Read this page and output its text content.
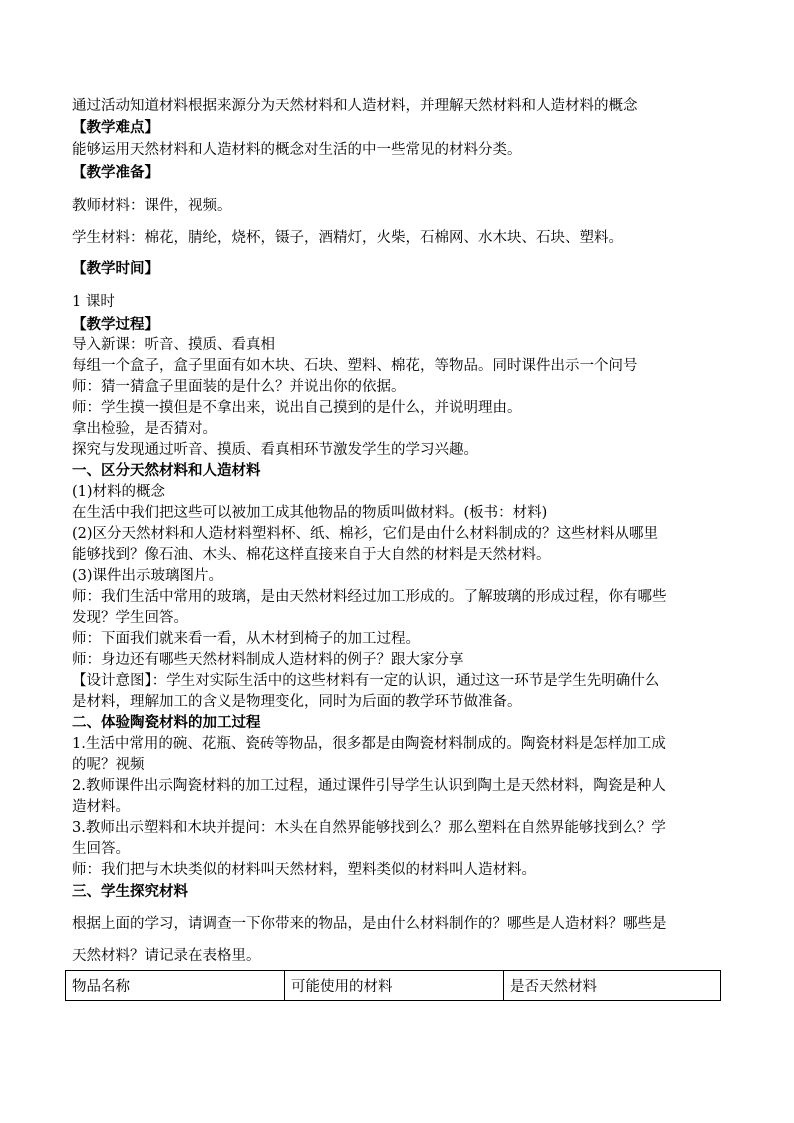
通过活动知道材料根据来源分为天然材料和人造材料，并理解天然材料和人造材料的概念
【教学难点】
能够运用天然材料和人造材料的概念对生活的中一些常见的材料分类。
【教学准备】
教师材料：课件，视频。
学生材料：棉花，腈纶，烧杯，镊子，酒精灯，火柴，石棉网、水木块、石块、塑料。
【教学时间】
1 课时
【教学过程】
导入新课：听音、摸质、看真相
每组一个盒子，盒子里面有如木块、石块、塑料、棉花，等物品。同时课件出示一个问号
师：猜一猜盒子里面装的是什么？并说出你的依据。
师：学生摸一摸但是不拿出来，说出自己摸到的是什么，并说明理由。
拿出检验，是否猜对。
探究与发现通过听音、摸质、看真相环节激发学生的学习兴趣。
一、区分天然材料和人造材料
(1)材料的概念
在生活中我们把这些可以被加工成其他物品的物质叫做材料。(板书：材料)
(2)区分天然材料和人造材料塑料杯、纸、棉衫，它们是由什么材料制成的？这些材料从哪里
能够找到？像石油、木头、棉花这样直接来自于大自然的材料是天然材料。
(3)课件出示玻璃图片。
师：我们生活中常用的玻璃，是由天然材料经过加工形成的。了解玻璃的形成过程，你有哪些
发现？学生回答。
师：下面我们就来看一看，从木材到椅子的加工过程。
师：身边还有哪些天然材料制成人造材料的例子？跟大家分享
【设计意图】：学生对实际生活中的这些材料有一定的认识，通过这一环节是学生先明确什么
是材料，理解加工的含义是物理变化，同时为后面的教学环节做准备。
二、体验陶瓷材料的加工过程
1.生活中常用的碗、花瓶、瓷砖等物品，很多都是由陶瓷材料制成的。陶瓷材料是怎样加工成
的呢？视频
2.教师课件出示陶瓷材料的加工过程，通过课件引导学生认识到陶土是天然材料，陶瓷是种人
造材料。
3.教师出示塑料和木块并提问：木头在自然界能够找到么？那么塑料在自然界能够找到么？学
生回答。
师：我们把与木块类似的材料叫天然材料，塑料类似的材料叫人造材料。
三、学生探究材料
根据上面的学习，请调查一下你带来的物品，是由什么材料制作的？哪些是人造材料？哪些是
天然材料？请记录在表格里。
物品名称	可能使用的材料	是否天然材料
